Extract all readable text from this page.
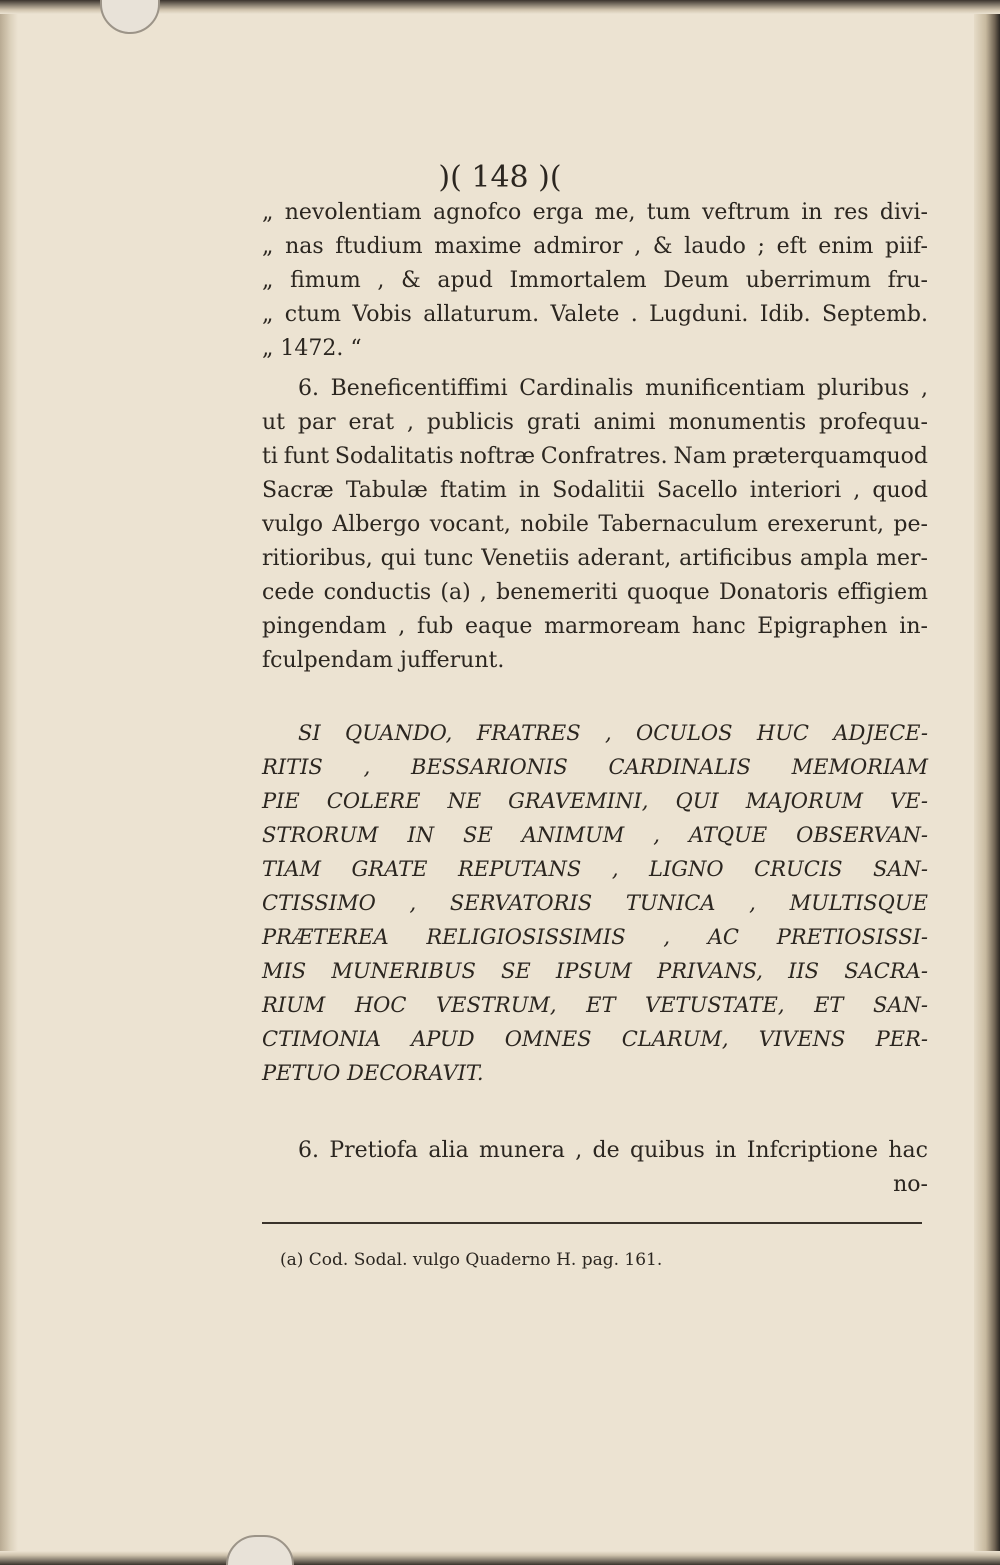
)( 148 )(
„ nevolentiam agnofco erga me, tum veftrum in res divi-
„ nas ftudium maxime admiror , & laudo ; eft enim piif-
„ fimum , & apud Immortalem Deum uberrimum fru-
„ ctum Vobis allaturum. Valete . Lugduni. Idib. Septemb.
„ 1472. “
6. Beneficentiffimi Cardinalis munificentiam pluribus ,
ut par erat , publicis grati animi monumentis profequu-
ti funt Sodalitatis noftræ Confratres. Nam præterquamquod
Sacræ Tabulæ ftatim in Sodalitii Sacello interiori , quod
vulgo Albergo vocant, nobile Tabernaculum erexerunt, pe-
ritioribus, qui tunc Venetiis aderant, artificibus ampla mer-
cede conductis (a) , benemeriti quoque Donatoris effigiem
pingendam , fub eaque marmoream hanc Epigraphen in-
fculpendam jufferunt.
SI QUANDO, FRATRES , OCULOS HUC ADJECE-
RITIS , BESSARIONIS CARDINALIS MEMORIAM
PIE COLERE NE GRAVEMINI, QUI MAJORUM VE-
STRORUM IN SE ANIMUM , ATQUE OBSERVAN-
TIAM GRATE REPUTANS , LIGNO CRUCIS SAN-
CTISSIMO , SERVATORIS TUNICA , MULTISQUE
PRÆTEREA RELIGIOSISSIMIS , AC PRETIOSISSI-
MIS MUNERIBUS SE IPSUM PRIVANS, IIS SACRA-
RIUM HOC VESTRUM, ET VETUSTATE, ET SAN-
CTIMONIA APUD OMNES CLARUM, VIVENS PER-
PETUO DECORAVIT.
6. Pretiofa alia munera , de quibus in Infcriptione hac
no-
(a) Cod. Sodal. vulgo Quaderno H. pag. 161.
